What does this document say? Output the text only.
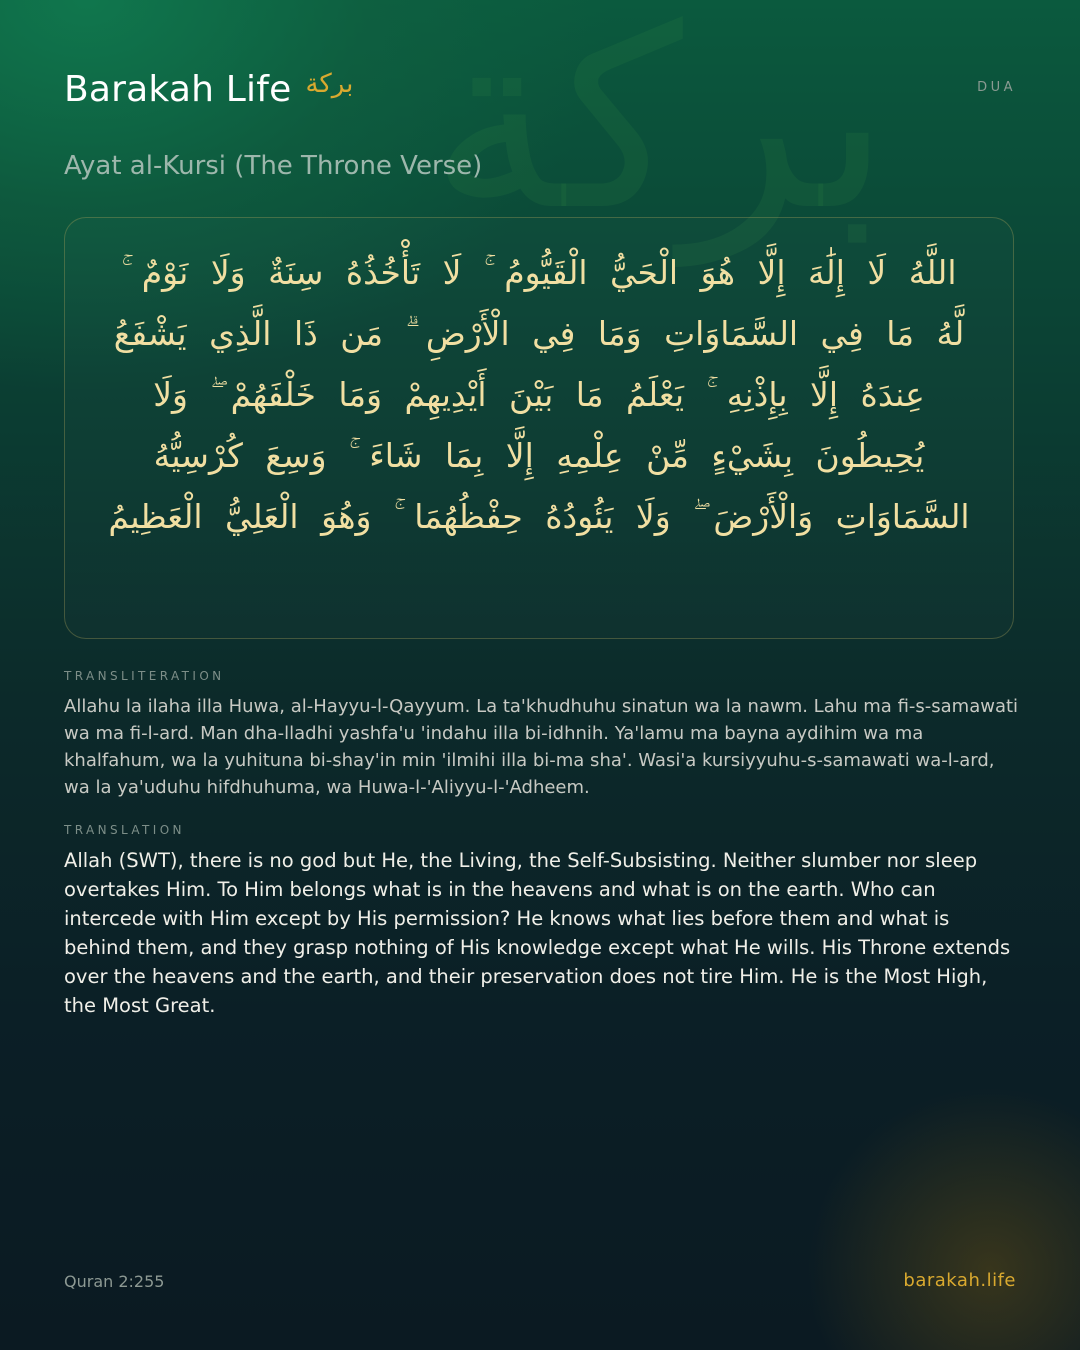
بركة
Barakah Life بركة	DUA
Ayat al-Kursi (The Throne Verse)

اللَّهُ لَا إِلَٰهَ إِلَّا هُوَ الْحَيُّ الْقَيُّومُ ۚ لَا تَأْخُذُهُ سِنَةٌ وَلَا نَوْمٌ ۚ لَّهُ مَا فِي السَّمَاوَاتِ وَمَا فِي الْأَرْضِ ۗ مَن ذَا الَّذِي يَشْفَعُ عِندَهُ إِلَّا بِإِذْنِهِ ۚ يَعْلَمُ مَا بَيْنَ أَيْدِيهِمْ وَمَا خَلْفَهُمْ ۖ وَلَا يُحِيطُونَ بِشَيْءٍ مِّنْ عِلْمِهِ إِلَّا بِمَا شَاءَ ۚ وَسِعَ كُرْسِيُّهُ السَّمَاوَاتِ وَالْأَرْضَ ۖ وَلَا يَئُودُهُ حِفْظُهُمَا ۚ وَهُوَ الْعَلِيُّ الْعَظِيمُ

TRANSLITERATION

Allahu la ilaha illa Huwa, al-Hayyu-l-Qayyum. La ta'khudhuhu sinatun wa la nawm. Lahu ma fi-s-samawati wa ma fi-l-ard. Man dha-lladhi yashfa'u 'indahu illa bi-idhnih. Ya'lamu ma bayna aydihim wa ma khalfahum, wa la yuhituna bi-shay'in min 'ilmihi illa bi-ma sha'. Wasi'a kursiyyuhu-s-samawati wa-l-ard, wa la ya'uduhu hifdhuhuma, wa Huwa-l-'Aliyyu-l-'Adheem.

TRANSLATION

Allah (SWT), there is no god but He, the Living, the Self-Subsisting. Neither slumber nor sleep overtakes Him. To Him belongs what is in the heavens and what is on the earth. Who can intercede with Him except by His permission? He knows what lies before them and what is behind them, and they grasp nothing of His knowledge except what He wills. His Throne extends over the heavens and the earth, and their preservation does not tire Him. He is the Most High, the Most Great.

Quran 2:255	barakah.life
